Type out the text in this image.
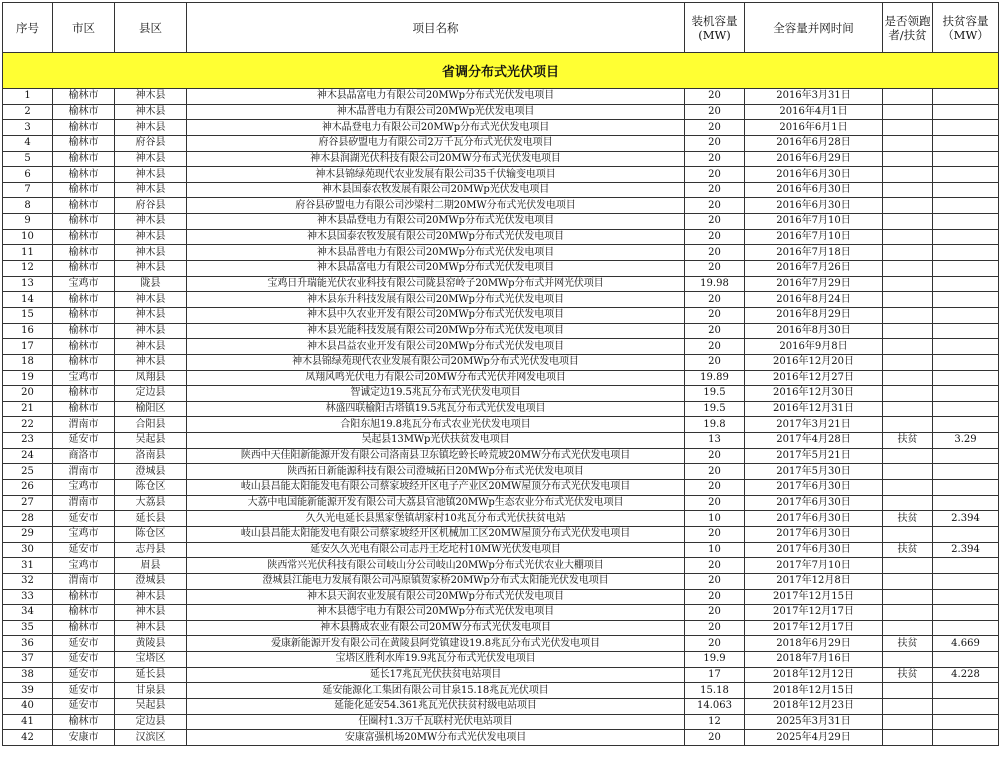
序号	市区	县区	项目名称	装机容量(MW)	全容量并网时间	是否领跑者/扶贫	扶贫容量（MW）
省调分布式光伏项目							
1	榆林市	神木县	神木县晶富电力有限公司20MWp分布式光伏发电项目	20	2016年3月31日		
2	榆林市	神木县	神木晶普电力有限公司20MWp光伏发电项目	20	2016年4月1日		
3	榆林市	神木县	神木晶登电力有限公司20MWp分布式光伏发电项目	20	2016年6月1日		
4	榆林市	府谷县	府谷县矽盟电力有限公司2万千瓦分布式光伏发电项目	20	2016年6月28日		
5	榆林市	神木县	神木县润湖光伏科技有限公司20MW分布式光伏发电项目	20	2016年6月29日		
6	榆林市	神木县	神木县锦绿苑现代农业发展有限公司35千伏输变电项目	20	2016年6月30日		
7	榆林市	神木县	神木县国泰农牧发展有限公司20MWp光伏发电项目	20	2016年6月30日		
8	榆林市	府谷县	府谷县矽盟电力有限公司沙梁村二期20MW分布式光伏发电项目	20	2016年6月30日		
9	榆林市	神木县	神木县晶登电力有限公司20MWp分布式光伏发电项目	20	2016年7月10日		
10	榆林市	神木县	神木县国泰农牧发展有限公司20MWp分布式光伏发电项目	20	2016年7月10日		
11	榆林市	神木县	神木县晶普电力有限公司20MWp分布式光伏发电项目	20	2016年7月18日		
12	榆林市	神木县	神木县晶富电力有限公司20MWp分布式光伏发电项目	20	2016年7月26日		
13	宝鸡市	陇县	宝鸡日升瑞能光伏农业科技有限公司陇县窑岭子20MWp分布式并网光伏项目	19.98	2016年7月29日		
14	榆林市	神木县	神木县东升科技发展有限公司20MWp分布式光伏发电项目	20	2016年8月24日		
15	榆林市	神木县	神木县中久农业开发有限公司20MWp分布式光伏发电项目	20	2016年8月29日		
16	榆林市	神木县	神木县光能科技发展有限公司20MWp分布式光伏发电项目	20	2016年8月30日		
17	榆林市	神木县	神木县昌益农业开发有限公司20MWp分布式光伏发电项目	20	2016年9月8日		
18	榆林市	神木县	神木县锦绿苑现代农业发展有限公司20MWp分布式光伏发电项目	20	2016年12月20日		
19	宝鸡市	凤翔县	凤翔风鸣光伏电力有限公司20MW分布式光伏并网发电项目	19.89	2016年12月27日		
20	榆林市	定边县	智诚定边19.5兆瓦分布式光伏发电项目	19.5	2016年12月30日		
21	榆林市	榆阳区	林盛四联榆阳古塔镇19.5兆瓦分布式光伏发电项目	19.5	2016年12月31日		
22	渭南市	合阳县	合阳东旭19.8兆瓦分布式农业光伏发电项目	19.8	2017年3月21日		
23	延安市	吴起县	吴起县13MWp光伏扶贫发电项目	13	2017年4月28日	扶贫	3.29
24	商洛市	洛南县	陕西中天佳阳新能源开发有限公司洛南县卫东镇圪蛉长岭荒坡20MW分布式光伏发电项目	20	2017年5月21日		
25	渭南市	澄城县	陕西拓日新能源科技有限公司澄城拓日20MWp分布式光伏发电项目	20	2017年5月30日		
26	宝鸡市	陈仓区	岐山县昌能太阳能发电有限公司蔡家坡经开区电子产业区20MW屋顶分布式光伏发电项目	20	2017年6月30日		
27	渭南市	大荔县	大荔中电国能新能源开发有限公司大荔县官池镇20MWp生态农业分布式光伏发电项目	20	2017年6月30日		
28	延安市	延长县	久久光电延长县黑家堡镇胡家村10兆瓦分布式光伏扶贫电站	10	2017年6月30日	扶贫	2.394
29	宝鸡市	陈仓区	岐山县昌能太阳能发电有限公司蔡家坡经开区机械加工区20MW屋顶分布式光伏发电项目	20	2017年6月30日		
30	延安市	志丹县	延安久久光电有限公司志丹王圪坨村10MW光伏发电项目	10	2017年6月30日	扶贫	2.394
31	宝鸡市	眉县	陕西常兴光伏科技有限公司岐山分公司岐山20MWp分布式光伏农业大棚项目	20	2017年7月10日		
32	渭南市	澄城县	澄城县江能电力发展有限公司冯原镇贺家桥20MWp分布式太阳能光伏发电项目	20	2017年12月8日		
33	榆林市	神木县	神木县天润农业发展有限公司20MWp分布式光伏发电项目	20	2017年12月15日		
34	榆林市	神木县	神木县德宇电力有限公司20MWp分布式光伏发电项目	20	2017年12月17日		
35	榆林市	神木县	神木县腾成农业有限公司20MW分布式光伏发电项目	20	2017年12月17日		
36	延安市	黄陵县	爱康新能源开发有限公司在黄陵县阿党镇建设19.8兆瓦分布式光伏发电项目	20	2018年6月29日	扶贫	4.669
37	延安市	宝塔区	宝塔区胜利水库19.9兆瓦分布式光伏发电项目	19.9	2018年7月16日		
38	延安市	延长县	延长17兆瓦光伏扶贫电站项目	17	2018年12月12日	扶贫	4.228
39	延安市	甘泉县	延安能源化工集团有限公司甘泉15.18兆瓦光伏项目	15.18	2018年12月15日		
40	延安市	吴起县	延能化延安54.361兆瓦光伏扶贫村级电站项目	14.063	2018年12月23日		
41	榆林市	定边县	仼圈村1.3万千瓦联村光伏电站项目	12	2025年3月31日		
42	安康市	汉滨区	安康富强机场20MW分布式光伏发电项目	20	2025年4月29日		
